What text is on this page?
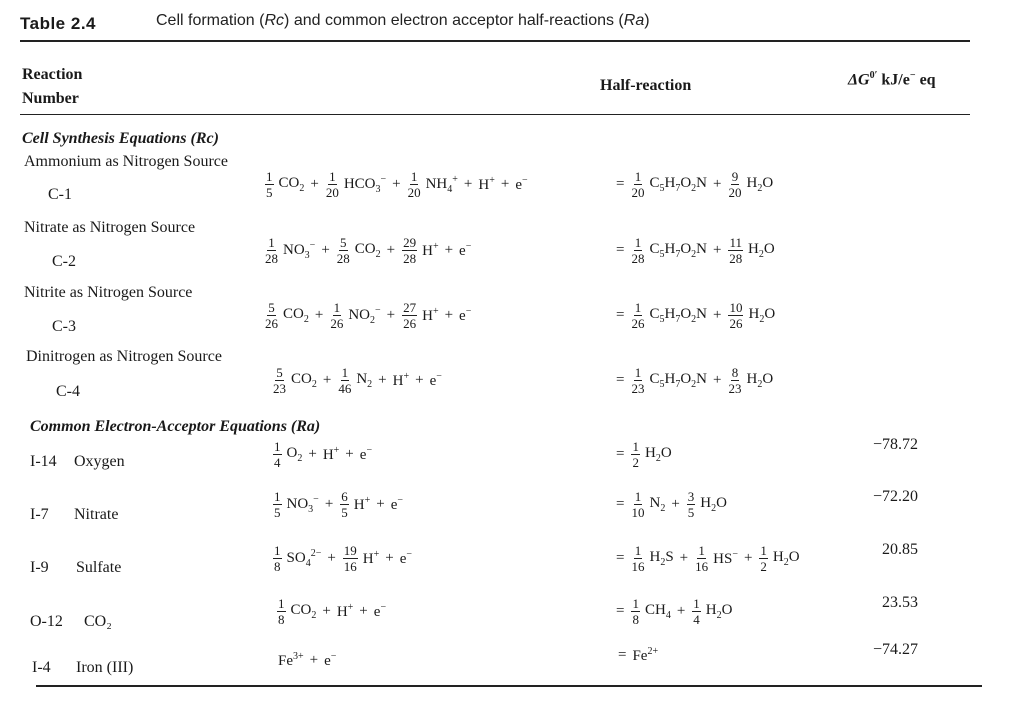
Table 2.4	Cell formation (Rc) and common electron acceptor half-reactions (Ra)
Reaction
Number
Half-reaction	$\Delta G^{0'}$ kJ/e− eq
Cell Synthesis Equations (Rc)
Ammonium as Nitrogen Source
C-1	$\frac{1}{5} CO_2 + \frac{1}{20} HCO_3^- + \frac{1}{20} NH_4^+ + H^+ + e^-$	= $\frac{1}{20} C_5H_7O_2N + \frac{9}{20} H_2O$
Nitrate as Nitrogen Source
C-2	$\frac{1}{28} NO_3^- + \frac{5}{28} CO_2 + \frac{29}{28} H^+ + e^-$	= $\frac{1}{28} C_5H_7O_2N + \frac{11}{28} H_2O$
Nitrite as Nitrogen Source
C-3	$\frac{5}{26} CO_2 + \frac{1}{26} NO_2^- + \frac{27}{26} H^+ + e^-$	= $\frac{1}{26} C_5H_7O_2N + \frac{10}{26} H_2O$
Dinitrogen as Nitrogen Source
C-4	$\frac{5}{23} CO_2 + \frac{1}{46} N_2 + H^+ + e^-$	= $\frac{1}{23} C_5H_7O_2N + \frac{8}{23} H_2O$
Common Electron-Acceptor Equations (Ra)
I-14 Oxygen	$\frac{1}{4} O_2 + H^+ + e^-$	= $\frac{1}{2} H_2O$	−78.72
I-7 Nitrate	$\frac{1}{5} NO_3^- + \frac{6}{5} H^+ + e^-$	= $\frac{1}{10} N_2 + \frac{3}{5} H_2O$	−72.20
I-9 Sulfate	$\frac{1}{8} SO_4^{2-} + \frac{19}{16} H^+ + e^-$	= $\frac{1}{16} H_2S + \frac{1}{16} HS^- + \frac{1}{2} H_2O$	20.85
O-12 CO₂	$\frac{1}{8} CO_2 + H^+ + e^-$	= $\frac{1}{8} CH_4 + \frac{1}{4} H_2O$	23.53
I-4 Iron (III)	$Fe^{3+} + e^-$	= $Fe^{2+}$	−74.27
